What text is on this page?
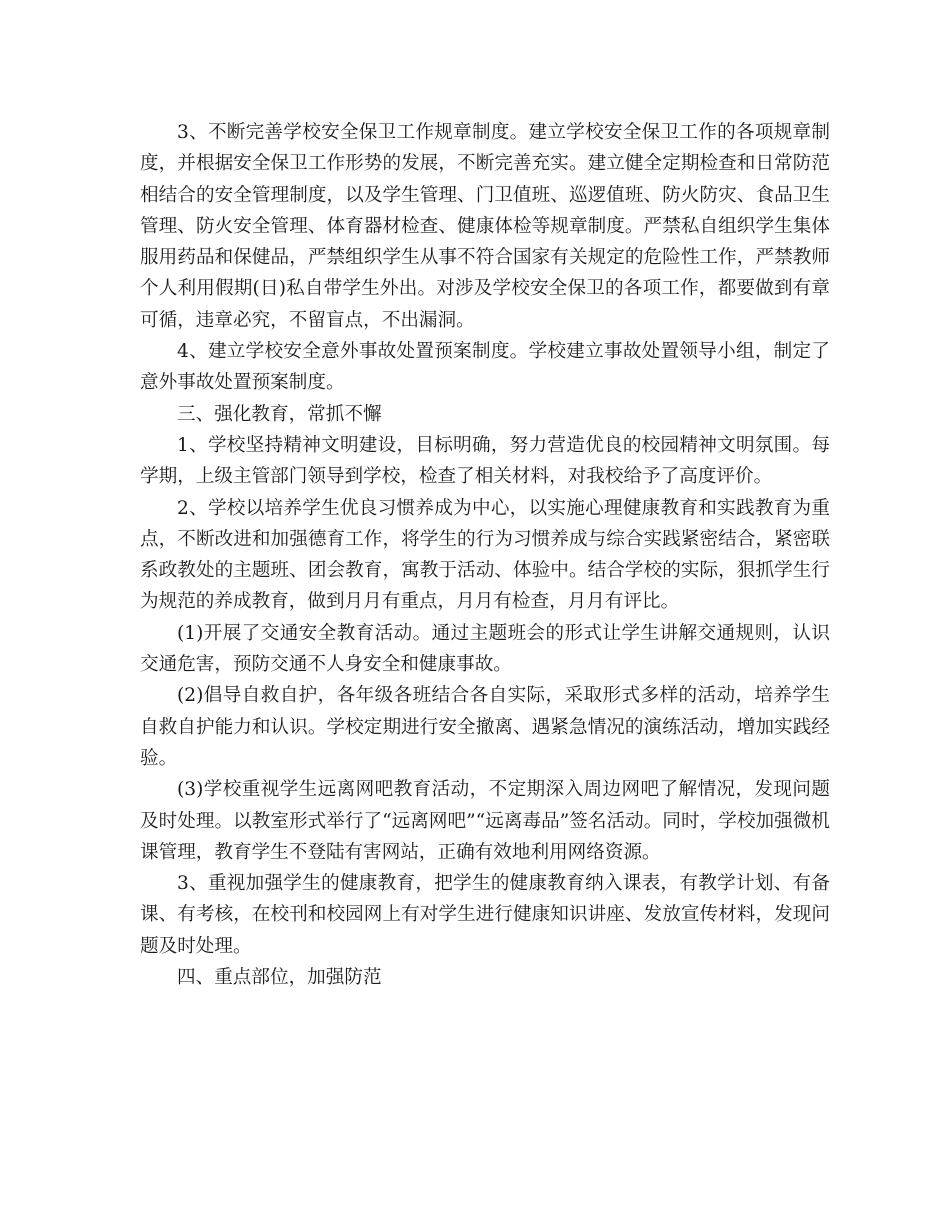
3、不断完善学校安全保卫工作规章制度。建立学校安全保卫工作的各项规章制度，并根据安全保卫工作形势的发展，不断完善充实。建立健全定期检查和日常防范相结合的安全管理制度，以及学生管理、门卫值班、巡逻值班、防火防灾、食品卫生管理、防火安全管理、体育器材检查、健康体检等规章制度。严禁私自组织学生集体服用药品和保健品，严禁组织学生从事不符合国家有关规定的危险性工作，严禁教师个人利用假期(日)私自带学生外出。对涉及学校安全保卫的各项工作，都要做到有章可循，违章必究，不留盲点，不出漏洞。

4、建立学校安全意外事故处置预案制度。学校建立事故处置领导小组，制定了意外事故处置预案制度。

三、强化教育，常抓不懈

1、学校坚持精神文明建设，目标明确，努力营造优良的校园精神文明氛围。每学期，上级主管部门领导到学校，检查了相关材料，对我校给予了高度评价。

2、学校以培养学生优良习惯养成为中心，以实施心理健康教育和实践教育为重点，不断改进和加强德育工作，将学生的行为习惯养成与综合实践紧密结合，紧密联系政教处的主题班、团会教育，寓教于活动、体验中。结合学校的实际，狠抓学生行为规范的养成教育，做到月月有重点，月月有检查，月月有评比。

(1)开展了交通安全教育活动。通过主题班会的形式让学生讲解交通规则，认识交通危害，预防交通不人身安全和健康事故。

(2)倡导自救自护，各年级各班结合各自实际，采取形式多样的活动，培养学生自救自护能力和认识。学校定期进行安全撤离、遇紧急情况的演练活动，增加实践经验。

(3)学校重视学生远离网吧教育活动，不定期深入周边网吧了解情况，发现问题及时处理。以教室形式举行了“远离网吧”“远离毒品”签名活动。同时，学校加强微机课管理，教育学生不登陆有害网站，正确有效地利用网络资源。

3、重视加强学生的健康教育，把学生的健康教育纳入课表，有教学计划、有备课、有考核，在校刊和校园网上有对学生进行健康知识讲座、发放宣传材料，发现问题及时处理。

四、重点部位，加强防范
